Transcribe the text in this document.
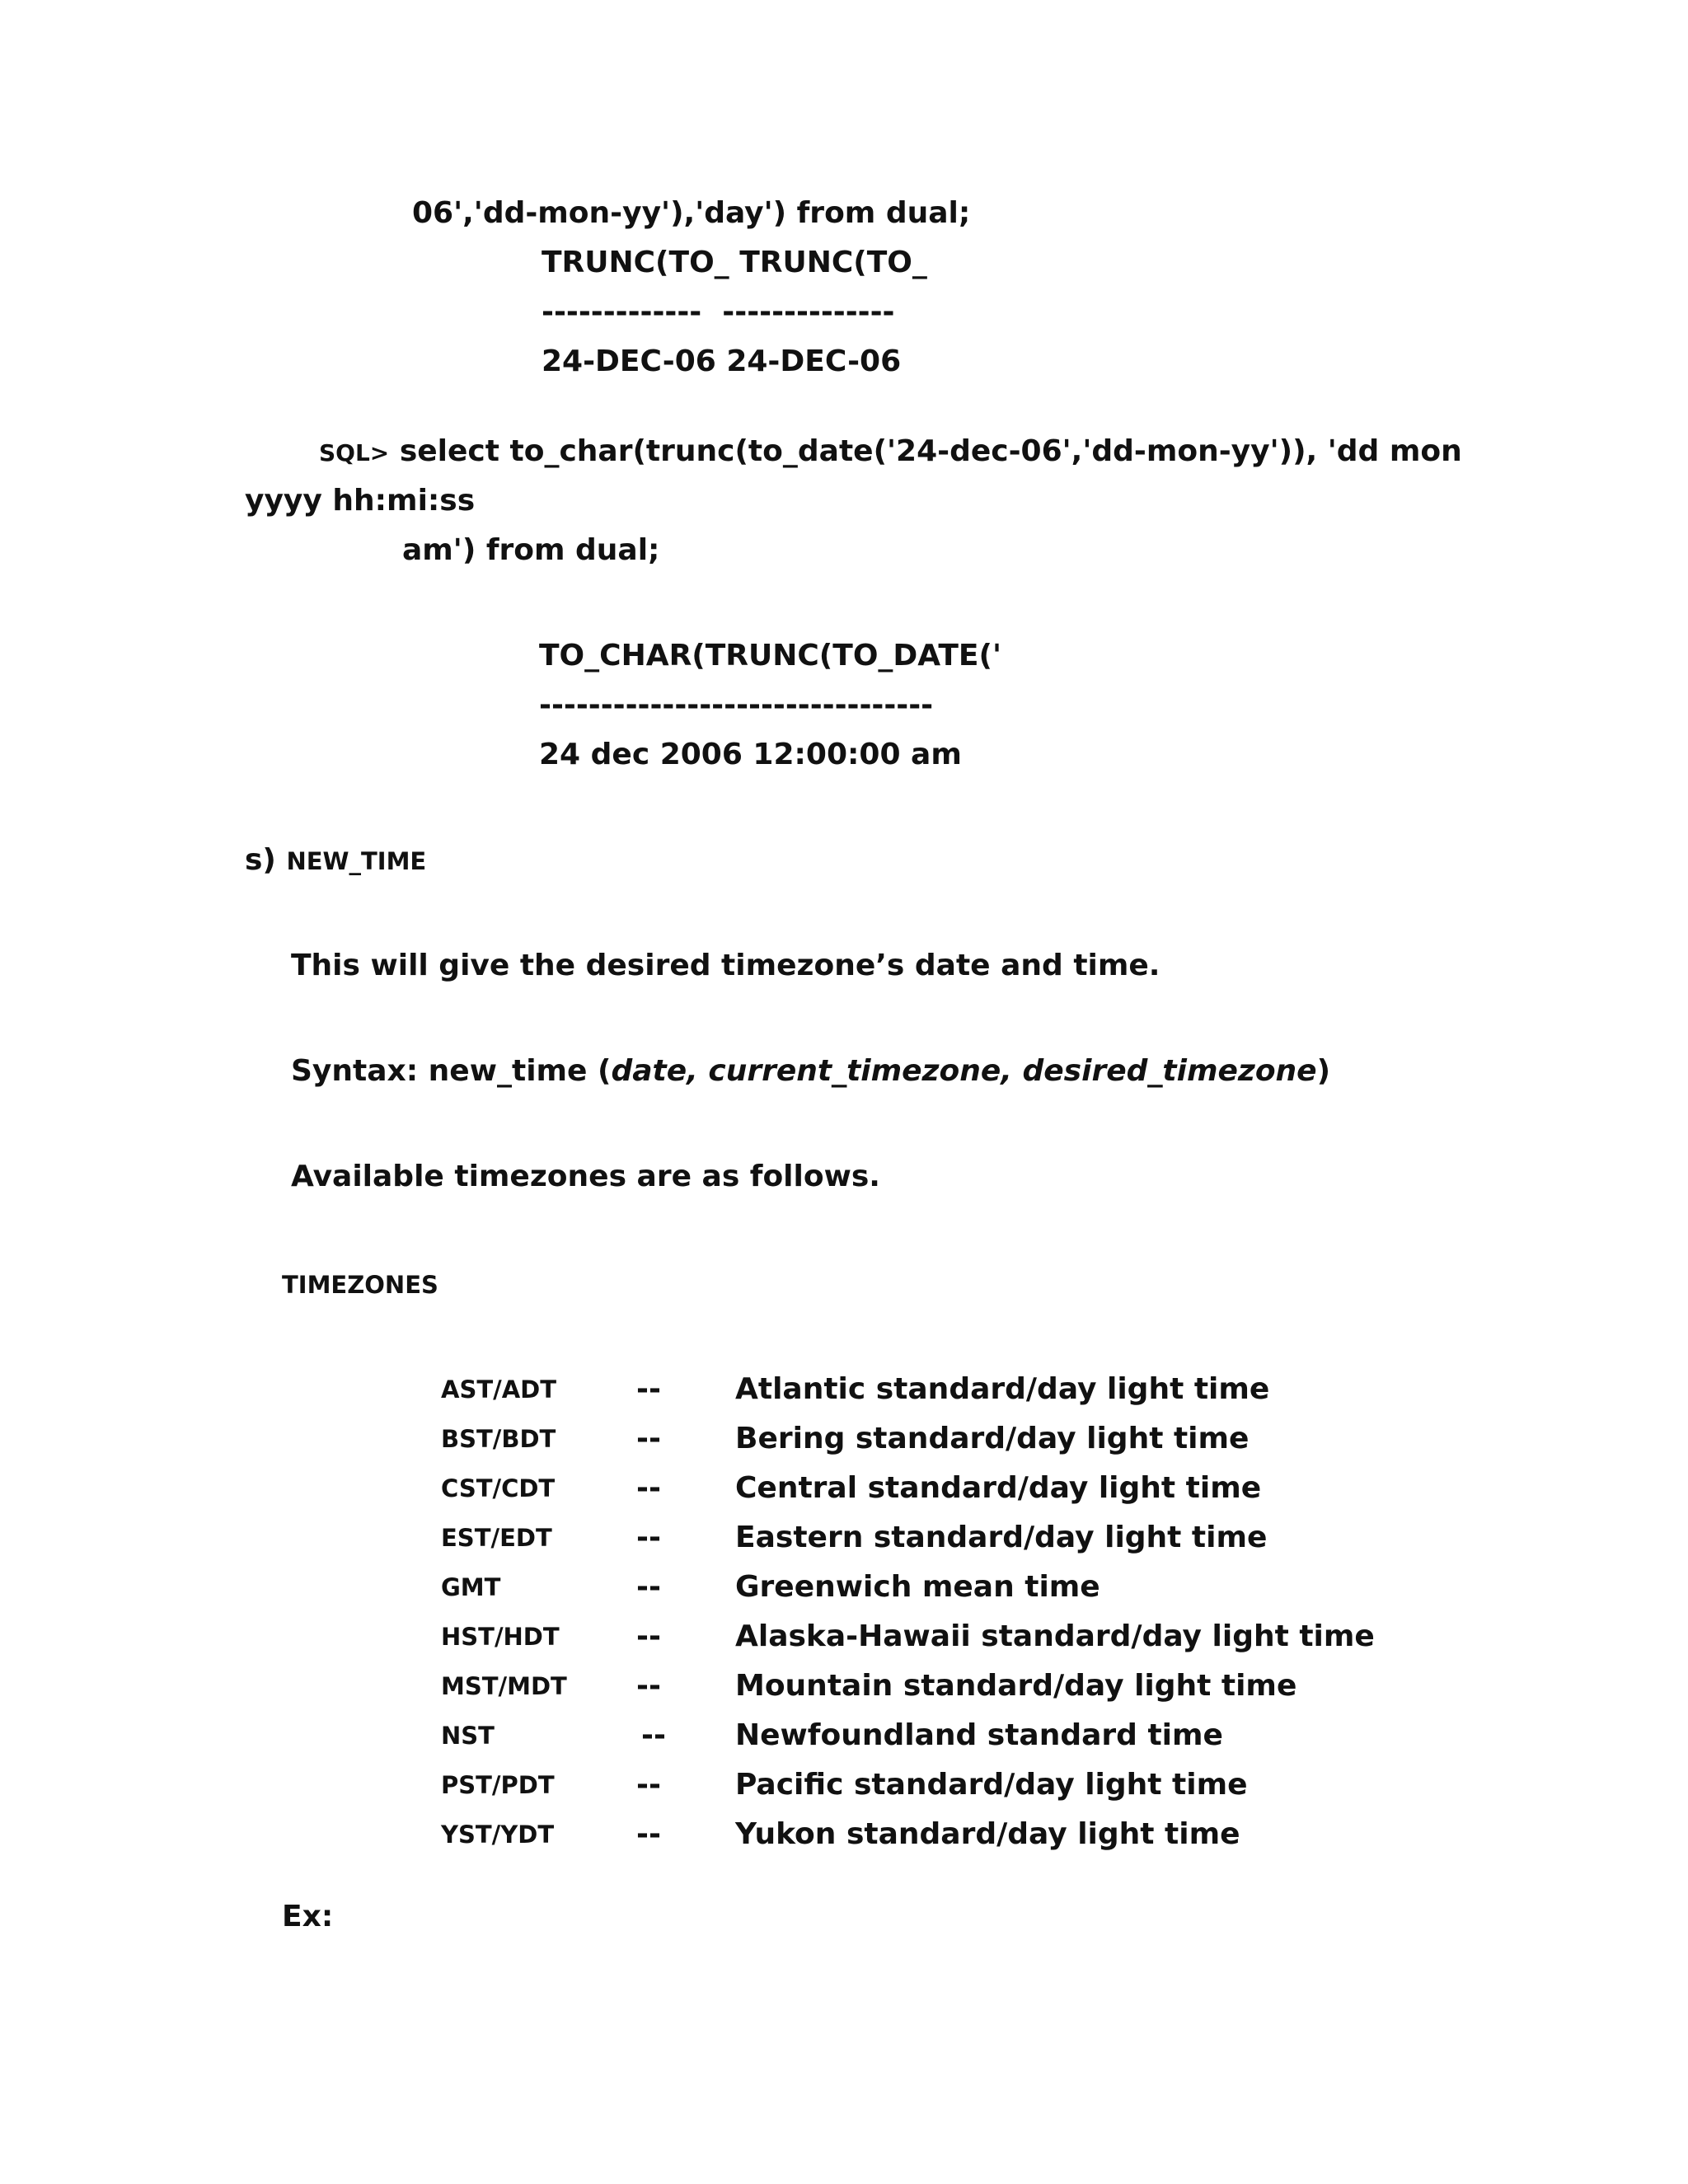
06','dd-mon-yy'),'day') from dual;
TRUNC(TO_ TRUNC(TO_
-------------  --------------
24-DEC-06 24-DEC-06
SQL> select to_char(trunc(to_date('24-dec-06','dd-mon-yy')), 'dd mon
yyyy hh:mi:ss
am') from dual;
TO_CHAR(TRUNC(TO_DATE('
--------------------------------
24 dec 2006 12:00:00 am
s) NEW_TIME
This will give the desired timezone’s date and time.
Syntax: new_time (date, current_timezone, desired_timezone)
Available timezones are as follows.
TIMEZONES
AST/ADT	--	Atlantic standard/day light time
BST/BDT	--	Bering standard/day light time
CST/CDT	--	Central standard/day light time
EST/EDT	--	Eastern standard/day light time
GMT	--	Greenwich mean time
HST/HDT	--	Alaska-Hawaii standard/day light time
MST/MDT --	Mountain standard/day light time
NST	-- Newfoundland standard time
PST/PDT	--	Pacific standard/day light time
YST/YDT	--	Yukon standard/day light time
Ex:
